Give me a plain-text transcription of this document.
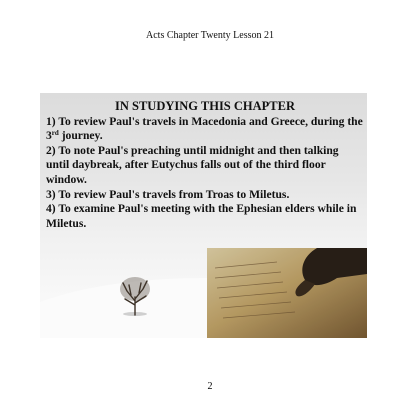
Acts Chapter Twenty Lesson 21
IN STUDYING THIS CHAPTER

1) To review Paul's travels in Macedonia and Greece, during the 3rd journey.

2) To note Paul's preaching until midnight and then talking until daybreak, after Eutychus falls out of the third floor window.

3) To review Paul's travels from Troas to Miletus.

4) To examine Paul's meeting with the Ephesian elders while in Miletus.

2
